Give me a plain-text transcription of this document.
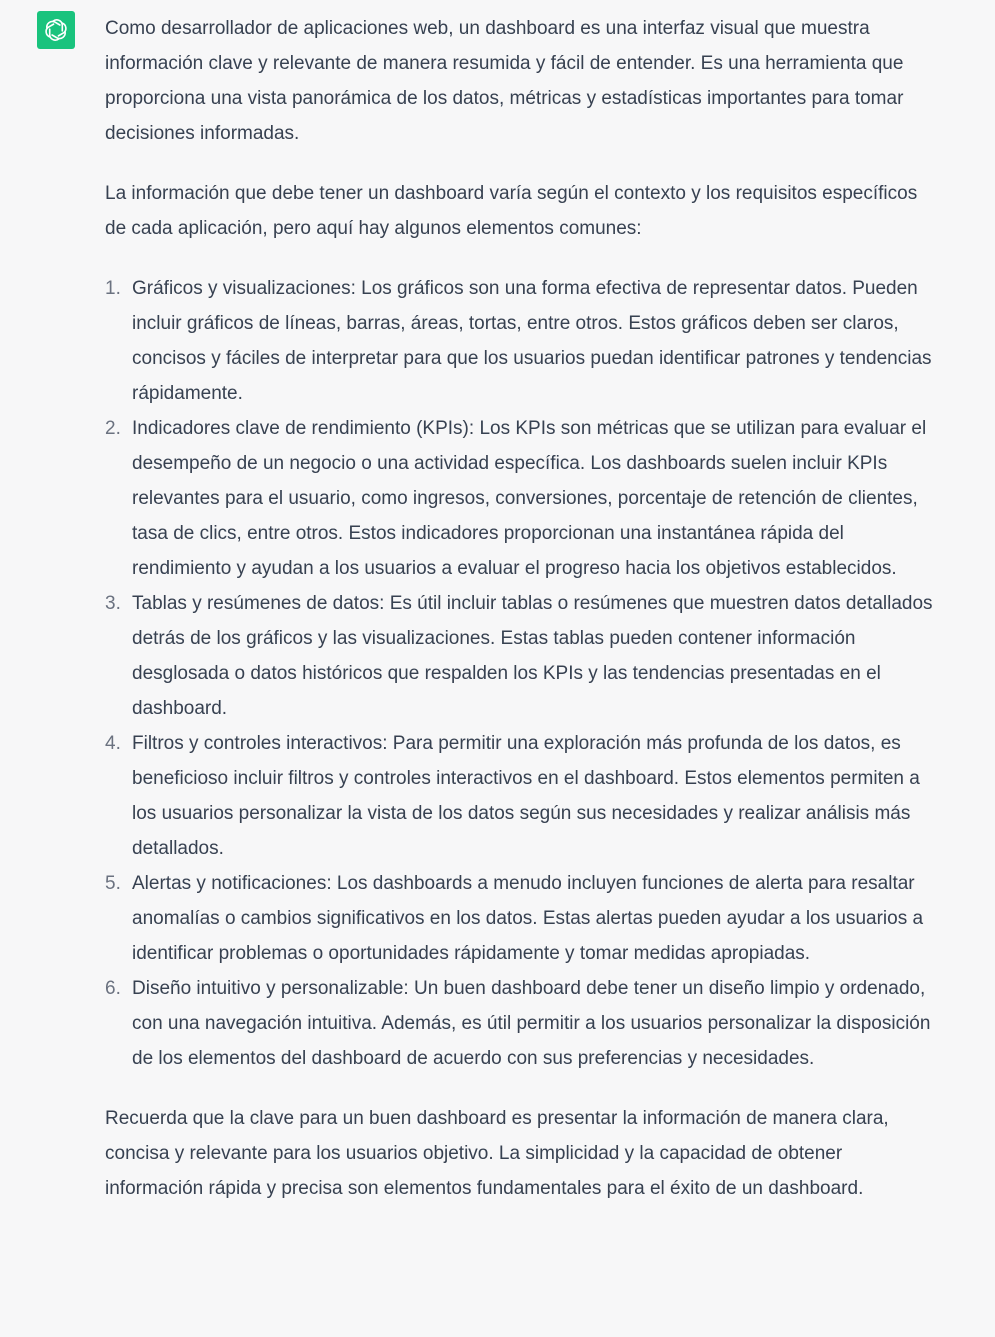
Como desarrollador de aplicaciones web, un dashboard es una interfaz visual que muestra información clave y relevante de manera resumida y fácil de entender. Es una herramienta que proporciona una vista panorámica de los datos, métricas y estadísticas importantes para tomar decisiones informadas.

La información que debe tener un dashboard varía según el contexto y los requisitos específicos de cada aplicación, pero aquí hay algunos elementos comunes:

1. Gráficos y visualizaciones: Los gráficos son una forma efectiva de representar datos. Pueden incluir gráficos de líneas, barras, áreas, tortas, entre otros. Estos gráficos deben ser claros, concisos y fáciles de interpretar para que los usuarios puedan identificar patrones y tendencias rápidamente.
2. Indicadores clave de rendimiento (KPIs): Los KPIs son métricas que se utilizan para evaluar el desempeño de un negocio o una actividad específica. Los dashboards suelen incluir KPIs relevantes para el usuario, como ingresos, conversiones, porcentaje de retención de clientes, tasa de clics, entre otros. Estos indicadores proporcionan una instantánea rápida del rendimiento y ayudan a los usuarios a evaluar el progreso hacia los objetivos establecidos.
3. Tablas y resúmenes de datos: Es útil incluir tablas o resúmenes que muestren datos detallados detrás de los gráficos y las visualizaciones. Estas tablas pueden contener información desglosada o datos históricos que respalden los KPIs y las tendencias presentadas en el dashboard.
4. Filtros y controles interactivos: Para permitir una exploración más profunda de los datos, es beneficioso incluir filtros y controles interactivos en el dashboard. Estos elementos permiten a los usuarios personalizar la vista de los datos según sus necesidades y realizar análisis más detallados.
5. Alertas y notificaciones: Los dashboards a menudo incluyen funciones de alerta para resaltar anomalías o cambios significativos en los datos. Estas alertas pueden ayudar a los usuarios a identificar problemas o oportunidades rápidamente y tomar medidas apropiadas.
6. Diseño intuitivo y personalizable: Un buen dashboard debe tener un diseño limpio y ordenado, con una navegación intuitiva. Además, es útil permitir a los usuarios personalizar la disposición de los elementos del dashboard de acuerdo con sus preferencias y necesidades.

Recuerda que la clave para un buen dashboard es presentar la información de manera clara, concisa y relevante para los usuarios objetivo. La simplicidad y la capacidad de obtener información rápida y precisa son elementos fundamentales para el éxito de un dashboard.
